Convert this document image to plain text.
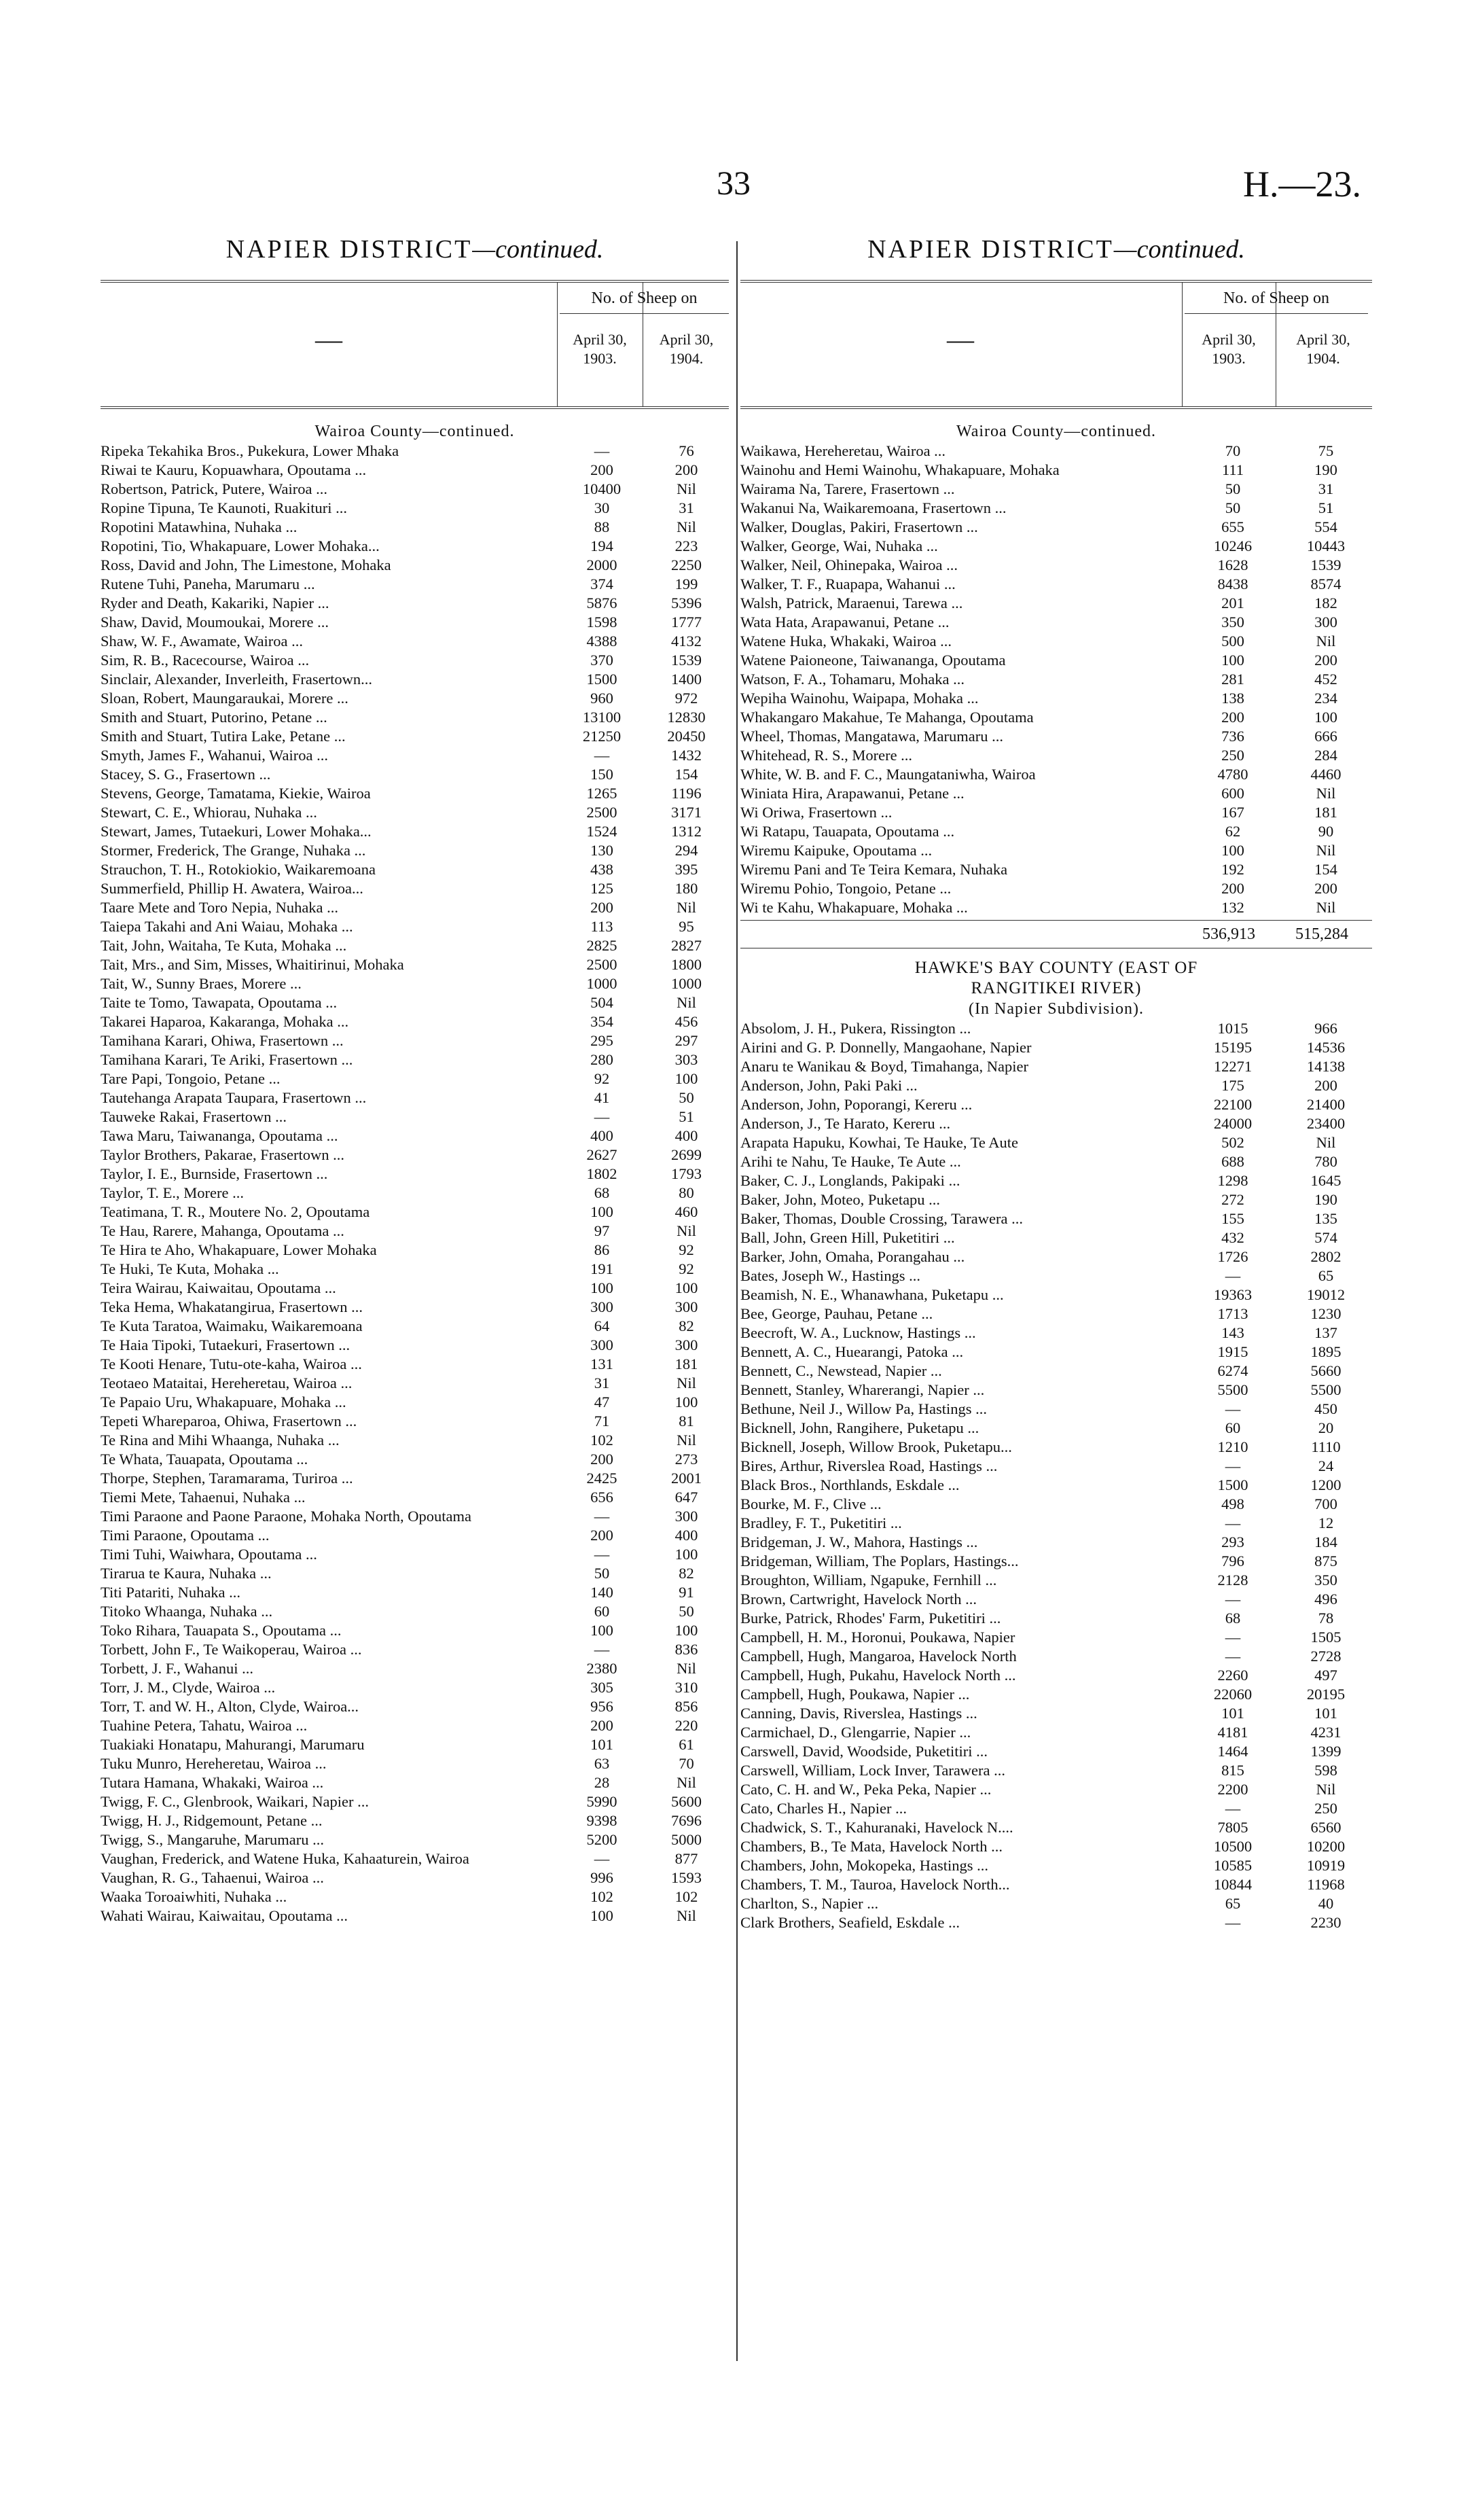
33	H.—23.
NAPIER DISTRICT—continued.	NAPIER DISTRICT—continued.
—
No. of Sheep on
April 30, 1903.
April 30, 1904.
Wairoa County—continued.
Ripeka Tekahika Bros., Pukekura, Lower Mhaka	—	76
Riwai te Kauru, Kopuawhara, Opoutama ...	200	200
Robertson, Patrick, Putere, Wairoa ...	10400	Nil
Ropine Tipuna, Te Kaunoti, Ruakituri ...	30	31
Ropotini Matawhina, Nuhaka ...	88	Nil
Ropotini, Tio, Whakapuare, Lower Mohaka...	194	223
Ross, David and John, The Limestone, Mohaka	2000	2250
Rutene Tuhi, Paneha, Marumaru ...	374	199
Ryder and Death, Kakariki, Napier ...	5876	5396
Shaw, David, Moumoukai, Morere ...	1598	1777
Shaw, W. F., Awamate, Wairoa ...	4388	4132
Sim, R. B., Racecourse, Wairoa ...	370	1539
Sinclair, Alexander, Inverleith, Frasertown...	1500	1400
Sloan, Robert, Maungaraukai, Morere ...	960	972
Smith and Stuart, Putorino, Petane ...	13100	12830
Smith and Stuart, Tutira Lake, Petane ...	21250	20450
Smyth, James F., Wahanui, Wairoa ...	—	1432
Stacey, S. G., Frasertown ...	150	154
Stevens, George, Tamatama, Kiekie, Wairoa	1265	1196
Stewart, C. E., Whiorau, Nuhaka ...	2500	3171
Stewart, James, Tutaekuri, Lower Mohaka...	1524	1312
Stormer, Frederick, The Grange, Nuhaka ...	130	294
Strauchon, T. H., Rotokiokio, Waikaremoana	438	395
Summerfield, Phillip H. Awatera, Wairoa...	125	180
Taare Mete and Toro Nepia, Nuhaka ...	200	Nil
Taiepa Takahi and Ani Waiau, Mohaka ...	113	95
Tait, John, Waitaha, Te Kuta, Mohaka ...	2825	2827
Tait, Mrs., and Sim, Misses, Whaitirinui, Mohaka	2500	1800
Tait, W., Sunny Braes, Morere ...	1000	1000
Taite te Tomo, Tawapata, Opoutama ...	504	Nil
Takarei Haparoa, Kakaranga, Mohaka ...	354	456
Tamihana Karari, Ohiwa, Frasertown ...	295	297
Tamihana Karari, Te Ariki, Frasertown ...	280	303
Tare Papi, Tongoio, Petane ...	92	100
Tautehanga Arapata Taupara, Frasertown ...	41	50
Tauweke Rakai, Frasertown ...	—	51
Tawa Maru, Taiwananga, Opoutama ...	400	400
Taylor Brothers, Pakarae, Frasertown ...	2627	2699
Taylor, I. E., Burnside, Frasertown ...	1802	1793
Taylor, T. E., Morere ...	68	80
Teatimana, T. R., Moutere No. 2, Opoutama	100	460
Te Hau, Rarere, Mahanga, Opoutama ...	97	Nil
Te Hira te Aho, Whakapuare, Lower Mohaka	86	92
Te Huki, Te Kuta, Mohaka ...	191	92
Teira Wairau, Kaiwaitau, Opoutama ...	100	100
Teka Hema, Whakatangirua, Frasertown ...	300	300
Te Kuta Taratoa, Waimaku, Waikaremoana	64	82
Te Haia Tipoki, Tutaekuri, Frasertown ...	300	300
Te Kooti Henare, Tutu-ote-kaha, Wairoa ...	131	181
Teotaeo Mataitai, Hereheretau, Wairoa ...	31	Nil
Te Papaio Uru, Whakapuare, Mohaka ...	47	100
Tepeti Whareparoa, Ohiwa, Frasertown ...	71	81
Te Rina and Mihi Whaanga, Nuhaka ...	102	Nil
Te Whata, Tauapata, Opoutama ...	200	273
Thorpe, Stephen, Taramarama, Turiroa ...	2425	2001
Tiemi Mete, Tahaenui, Nuhaka ...	656	647
Timi Paraone and Paone Paraone, Mohaka North, Opoutama	—	300
Timi Paraone, Opoutama ...	200	400
Timi Tuhi, Waiwhara, Opoutama ...	—	100
Tirarua te Kaura, Nuhaka ...	50	82
Titi Patariti, Nuhaka ...	140	91
Titoko Whaanga, Nuhaka ...	60	50
Toko Rihara, Tauapata S., Opoutama ...	100	100
Torbett, John F., Te Waikoperau, Wairoa ...	—	836
Torbett, J. F., Wahanui ...	2380	Nil
Torr, J. M., Clyde, Wairoa ...	305	310
Torr, T. and W. H., Alton, Clyde, Wairoa...	956	856
Tuahine Petera, Tahatu, Wairoa ...	200	220
Tuakiaki Honatapu, Mahurangi, Marumaru	101	61
Tuku Munro, Hereheretau, Wairoa ...	63	70
Tutara Hamana, Whakaki, Wairoa ...	28	Nil
Twigg, F. C., Glenbrook, Waikari, Napier ...	5990	5600
Twigg, H. J., Ridgemount, Petane ...	9398	7696
Twigg, S., Mangaruhe, Marumaru ...	5200	5000
Vaughan, Frederick, and Watene Huka, Kahaaturein, Wairoa	—	877
Vaughan, R. G., Tahaenui, Wairoa ...	996	1593
Waaka Toroaiwhiti, Nuhaka ...	102	102
Wahati Wairau, Kaiwaitau, Opoutama ...	100	Nil
—
No. of Sheep on
April 30, 1903.
April 30, 1904.
Wairoa County—continued.
Waikawa, Hereheretau, Wairoa ...	70	75
Wainohu and Hemi Wainohu, Whakapuare, Mohaka	111	190
Wairama Na, Tarere, Frasertown ...	50	31
Wakanui Na, Waikaremoana, Frasertown ...	50	51
Walker, Douglas, Pakiri, Frasertown ...	655	554
Walker, George, Wai, Nuhaka ...	10246	10443
Walker, Neil, Ohinepaka, Wairoa ...	1628	1539
Walker, T. F., Ruapapa, Wahanui ...	8438	8574
Walsh, Patrick, Maraenui, Tarewa ...	201	182
Wata Hata, Arapawanui, Petane ...	350	300
Watene Huka, Whakaki, Wairoa ...	500	Nil
Watene Paioneone, Taiwananga, Opoutama	100	200
Watson, F. A., Tohamaru, Mohaka ...	281	452
Wepiha Wainohu, Waipapa, Mohaka ...	138	234
Whakangaro Makahue, Te Mahanga, Opoutama	200	100
Wheel, Thomas, Mangatawa, Marumaru ...	736	666
Whitehead, R. S., Morere ...	250	284
White, W. B. and F. C., Maungataniwha, Wairoa	4780	4460
Winiata Hira, Arapawanui, Petane ...	600	Nil
Wi Oriwa, Frasertown ...	167	181
Wi Ratapu, Tauapata, Opoutama ...	62	90
Wiremu Kaipuke, Opoutama ...	100	Nil
Wiremu Pani and Te Teira Kemara, Nuhaka	192	154
Wiremu Pohio, Tongoio, Petane ...	200	200
Wi te Kahu, Whakapuare, Mohaka ...	132	Nil
536,913	515,284
HAWKE'S BAY COUNTY (EAST OF
RANGITIKEI RIVER)
(In Napier Subdivision).
Absolom, J. H., Pukera, Rissington ...	1015	966
Airini and G. P. Donnelly, Mangaohane, Napier	15195	14536
Anaru te Wanikau & Boyd, Timahanga, Napier	12271	14138
Anderson, John, Paki Paki ...	175	200
Anderson, John, Poporangi, Kereru ...	22100	21400
Anderson, J., Te Harato, Kereru ...	24000	23400
Arapata Hapuku, Kowhai, Te Hauke, Te Aute	502	Nil
Arihi te Nahu, Te Hauke, Te Aute ...	688	780
Baker, C. J., Longlands, Pakipaki ...	1298	1645
Baker, John, Moteo, Puketapu ...	272	190
Baker, Thomas, Double Crossing, Tarawera ...	155	135
Ball, John, Green Hill, Puketitiri ...	432	574
Barker, John, Omaha, Porangahau ...	1726	2802
Bates, Joseph W., Hastings ...	—	65
Beamish, N. E., Whanawhana, Puketapu ...	19363	19012
Bee, George, Pauhau, Petane ...	1713	1230
Beecroft, W. A., Lucknow, Hastings ...	143	137
Bennett, A. C., Huearangi, Patoka ...	1915	1895
Bennett, C., Newstead, Napier ...	6274	5660
Bennett, Stanley, Wharerangi, Napier ...	5500	5500
Bethune, Neil J., Willow Pa, Hastings ...	—	450
Bicknell, John, Rangihere, Puketapu ...	60	20
Bicknell, Joseph, Willow Brook, Puketapu...	1210	1110
Bires, Arthur, Riverslea Road, Hastings ...	—	24
Black Bros., Northlands, Eskdale ...	1500	1200
Bourke, M. F., Clive ...	498	700
Bradley, F. T., Puketitiri ...	—	12
Bridgeman, J. W., Mahora, Hastings ...	293	184
Bridgeman, William, The Poplars, Hastings...	796	875
Broughton, William, Ngapuke, Fernhill ...	2128	350
Brown, Cartwright, Havelock North ...	—	496
Burke, Patrick, Rhodes' Farm, Puketitiri ...	68	78
Campbell, H. M., Horonui, Poukawa, Napier	—	1505
Campbell, Hugh, Mangaroa, Havelock North	—	2728
Campbell, Hugh, Pukahu, Havelock North ...	2260	497
Campbell, Hugh, Poukawa, Napier ...	22060	20195
Canning, Davis, Riverslea, Hastings ...	101	101
Carmichael, D., Glengarrie, Napier ...	4181	4231
Carswell, David, Woodside, Puketitiri ...	1464	1399
Carswell, William, Lock Inver, Tarawera ...	815	598
Cato, C. H. and W., Peka Peka, Napier ...	2200	Nil
Cato, Charles H., Napier ...	—	250
Chadwick, S. T., Kahuranaki, Havelock N....	7805	6560
Chambers, B., Te Mata, Havelock North ...	10500	10200
Chambers, John, Mokopeka, Hastings ...	10585	10919
Chambers, T. M., Tauroa, Havelock North...	10844	11968
Charlton, S., Napier ...	65	40
Clark Brothers, Seafield, Eskdale ...	—	2230
